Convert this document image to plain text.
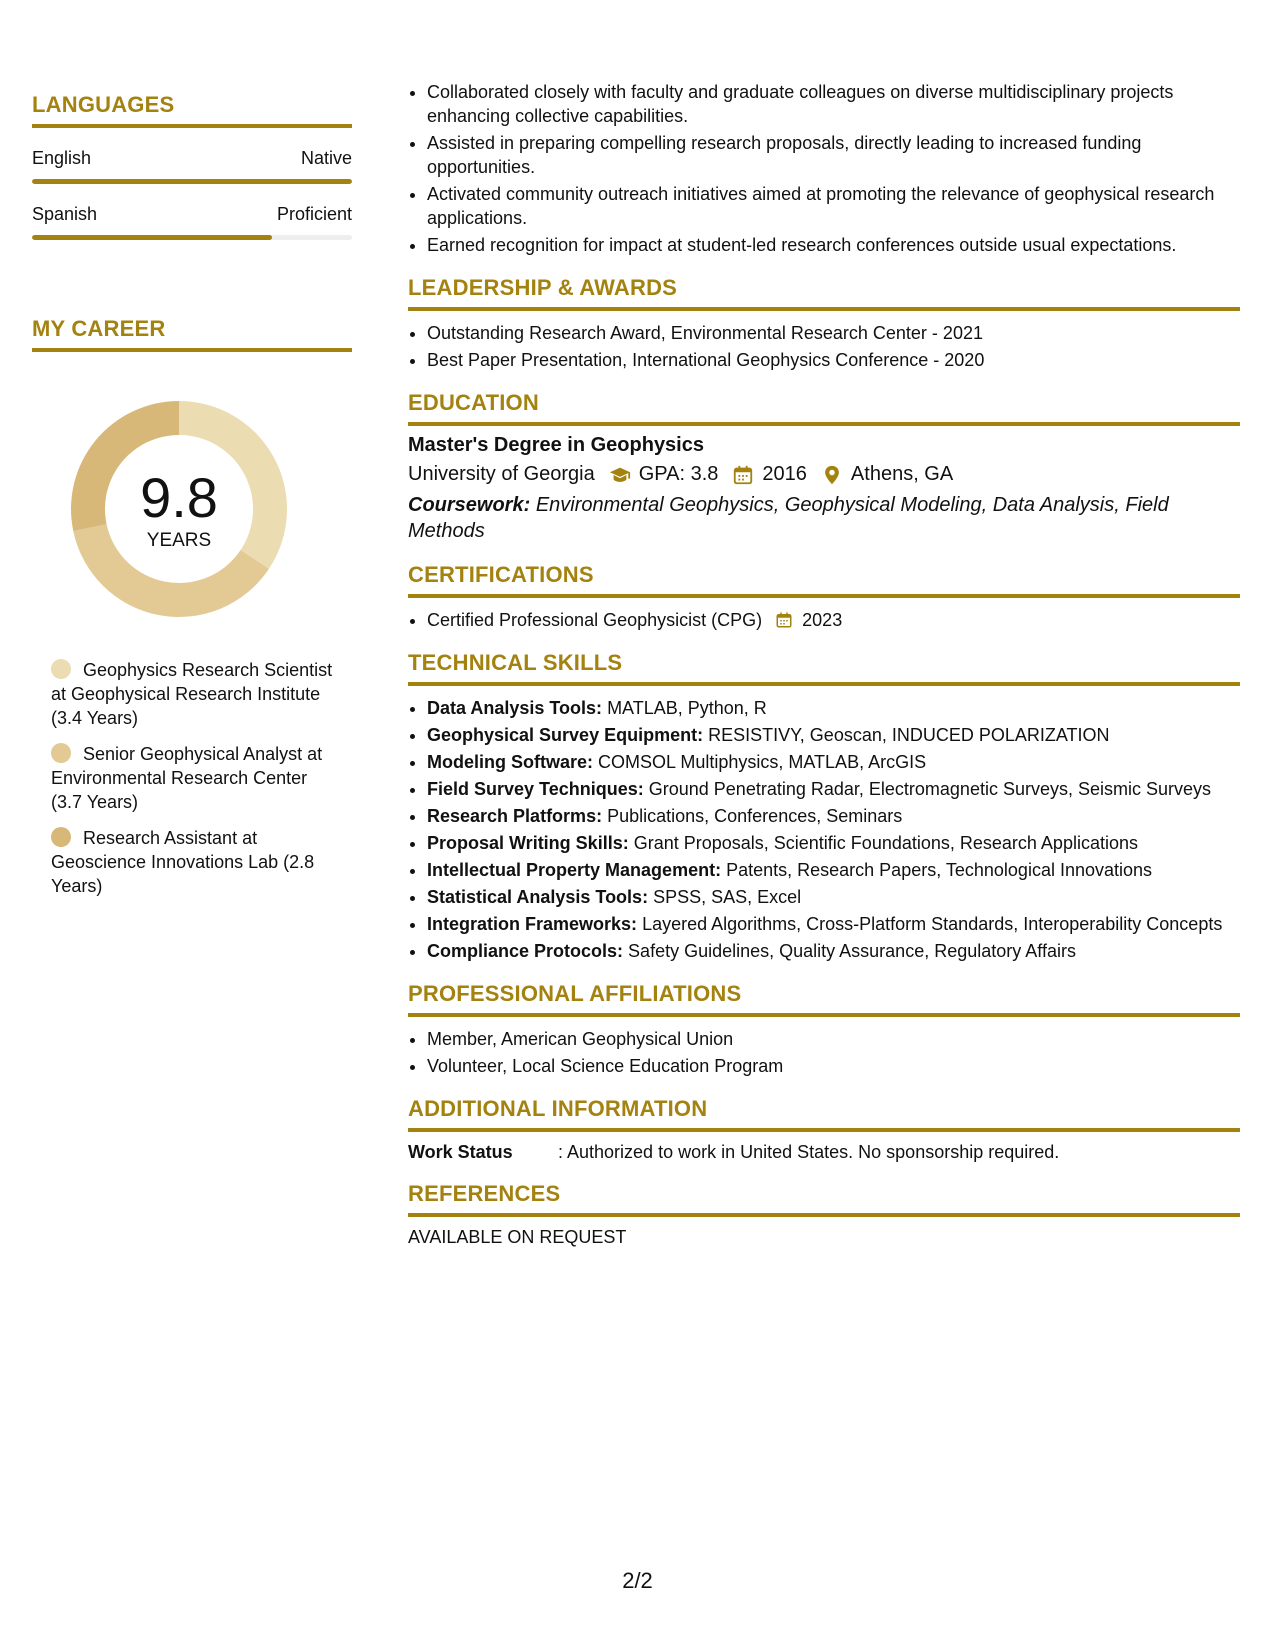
LANGUAGES
English	Native
Spanish	Proficient
MY CAREER
9.8
YEARS
Geophysics Research Scientist at Geophysical Research Institute (3.4 Years)
Senior Geophysical Analyst at Environmental Research Center (3.7 Years)
Research Assistant at Geoscience Innovations Lab (2.8 Years)
• Collaborated closely with faculty and graduate colleagues on diverse multidisciplinary projects enhancing collective capabilities.
• Assisted in preparing compelling research proposals, directly leading to increased funding opportunities.
• Activated community outreach initiatives aimed at promoting the relevance of geophysical research applications.
• Earned recognition for impact at student-led research conferences outside usual expectations.
LEADERSHIP & AWARDS
• Outstanding Research Award, Environmental Research Center - 2021
• Best Paper Presentation, International Geophysics Conference - 2020
EDUCATION
Master's Degree in Geophysics
University of Georgia GPA: 3.8 2016 Athens, GA
Coursework: Environmental Geophysics, Geophysical Modeling, Data Analysis, Field Methods
CERTIFICATIONS
• Certified Professional Geophysicist (CPG) 2023
TECHNICAL SKILLS
• Data Analysis Tools: MATLAB, Python, R
• Geophysical Survey Equipment: RESISTIVY, Geoscan, INDUCED POLARIZATION
• Modeling Software: COMSOL Multiphysics, MATLAB, ArcGIS
• Field Survey Techniques: Ground Penetrating Radar, Electromagnetic Surveys, Seismic Surveys
• Research Platforms: Publications, Conferences, Seminars
• Proposal Writing Skills: Grant Proposals, Scientific Foundations, Research Applications
• Intellectual Property Management: Patents, Research Papers, Technological Innovations
• Statistical Analysis Tools: SPSS, SAS, Excel
• Integration Frameworks: Layered Algorithms, Cross-Platform Standards, Interoperability Concepts
• Compliance Protocols: Safety Guidelines, Quality Assurance, Regulatory Affairs
PROFESSIONAL AFFILIATIONS
• Member, American Geophysical Union
• Volunteer, Local Science Education Program
ADDITIONAL INFORMATION
Work Status	: Authorized to work in United States. No sponsorship required.
REFERENCES
AVAILABLE ON REQUEST
2/2
